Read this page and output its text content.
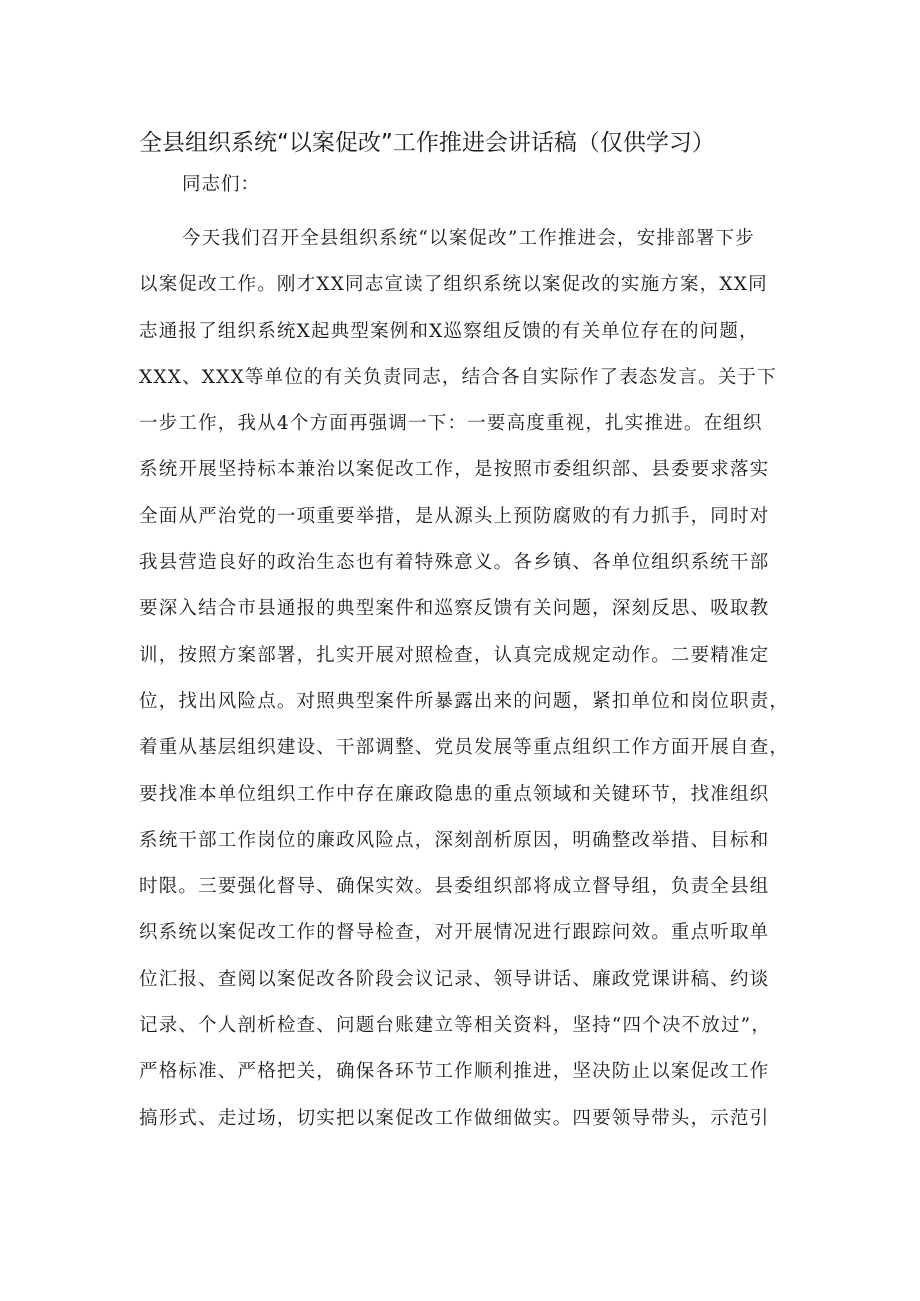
全县组织系统“以案促改”工作推进会讲话稿（仅供学习）

同志们：

今天我们召开全县组织系统“以案促改”工作推进会，安排部署下步
以案促改工作。刚才XX同志宣读了组织系统以案促改的实施方案，XX同
志通报了组织系统X起典型案例和X巡察组反馈的有关单位存在的问题，
XXX、XXX等单位的有关负责同志，结合各自实际作了表态发言。关于下
一步工作，我从4个方面再强调一下：一要高度重视，扎实推进。在组织
系统开展坚持标本兼治以案促改工作，是按照市委组织部、县委要求落实
全面从严治党的一项重要举措，是从源头上预防腐败的有力抓手，同时对
我县营造良好的政治生态也有着特殊意义。各乡镇、各单位组织系统干部
要深入结合市县通报的典型案件和巡察反馈有关问题，深刻反思、吸取教
训，按照方案部署，扎实开展对照检查，认真完成规定动作。二要精准定
位，找出风险点。对照典型案件所暴露出来的问题，紧扣单位和岗位职责，
着重从基层组织建设、干部调整、党员发展等重点组织工作方面开展自查，
要找准本单位组织工作中存在廉政隐患的重点领域和关键环节，找准组织
系统干部工作岗位的廉政风险点，深刻剖析原因，明确整改举措、目标和
时限。三要强化督导、确保实效。县委组织部将成立督导组，负责全县组
织系统以案促改工作的督导检查，对开展情况进行跟踪问效。重点听取单
位汇报、查阅以案促改各阶段会议记录、领导讲话、廉政党课讲稿、约谈
记录、个人剖析检查、问题台账建立等相关资料，坚持“四个决不放过”，
严格标准、严格把关，确保各环节工作顺利推进，坚决防止以案促改工作
搞形式、走过场，切实把以案促改工作做细做实。四要领导带头，示范引
